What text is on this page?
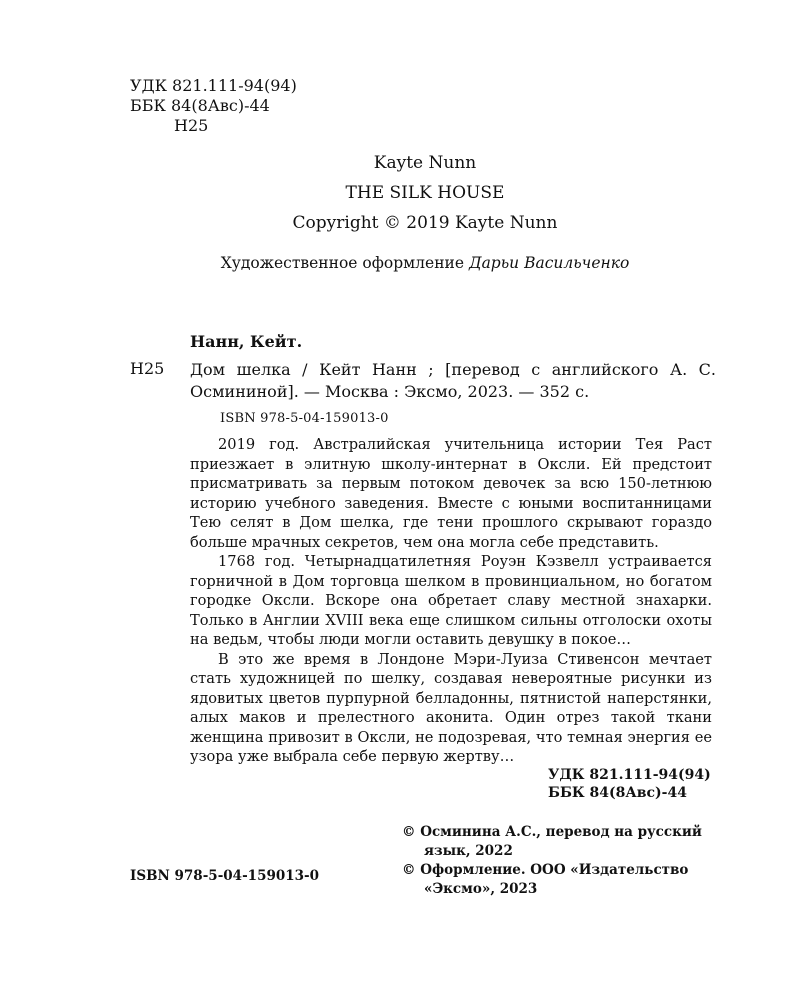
УДК 821.111-94(94)
ББК 84(8Авс)-44
Н25
Kayte Nunn
THE SILK HOUSE
Copyright © 2019 Kayte Nunn
Художественное оформление Дарьи Васильченко
Нанн, Кейт.
Н25 Дом шелка / Кейт Нанн ; [перевод с английского А. С. Осмининой]. — Москва : Эксмо, 2023. — 352 с.
ISBN 978-5-04-159013-0

2019 год. Австралийская учительница истории Тея Раст приезжает в элитную школу-интернат в Оксли. Ей предстоит присматривать за первым потоком девочек за всю 150-летнюю историю учебного заведения. Вместе с юными воспитанницами Тею селят в Дом шелка, где тени прошлого скрывают гораздо больше мрачных секретов, чем она могла себе представить.

1768 год. Четырнадцатилетняя Роуэн Кэзвелл устраивается горничной в Дом торговца шелком в провинциальном, но богатом городке Оксли. Вскоре она обретает славу местной знахарки. Только в Англии XVIII века еще слишком сильны отголоски охоты на ведьм, чтобы люди могли оставить девушку в покое…

В это же время в Лондоне Мэри-Луиза Стивенсон мечтает стать художницей по шелку, создавая невероятные рисунки из ядовитых цветов пурпурной белладонны, пятнистой наперстянки, алых маков и прелестного аконита. Один отрез такой ткани женщина привозит в Оксли, не подозревая, что темная энергия ее узора уже выбрала себе первую жертву…

УДК 821.111-94(94)
ББК 84(8Авс)-44
© Осминина А.С., перевод на русский язык, 2022
© Оформление. ООО «Издательство «Эксмо», 2023
ISBN 978-5-04-159013-0
